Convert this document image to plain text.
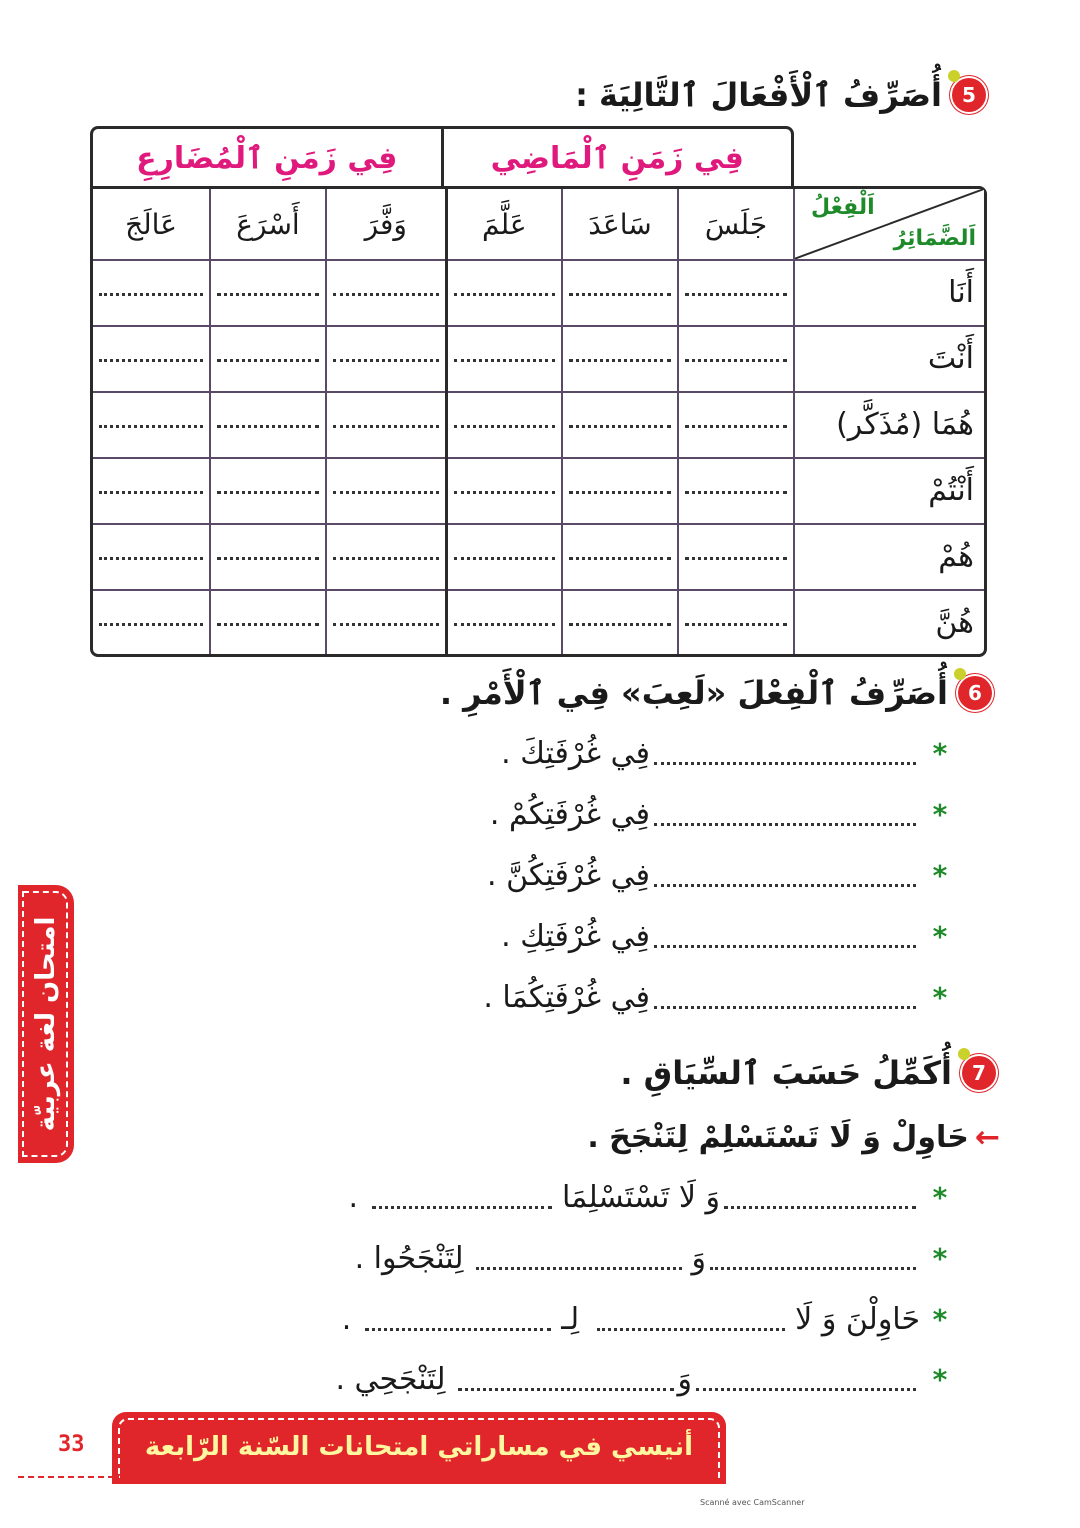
5
أُصَرِّفُ ٱلْأَفْعَالَ ٱلتَّالِيَةَ :
فِي زَمَنِ ٱلْمَاضِي
فِي زَمَنِ ٱلْمُضَارِعِ
اَلْفِعْلُ
اَلضَّمَائِرُ	جَلَسَ	سَاعَدَ	عَلَّمَ	وَفَّرَ	أَسْرَعَ	عَالَجَ
أَنَا	

أَنْتَ	

هُمَا (مُذَكَّر)	

أَنْتُمْ	

هُمْ	

هُنَّ	

6
أُصَرِّفُ ٱلْفِعْلَ «لَعِبَ» فِي ٱلْأَمْرِ .
*
فِي غُرْفَتِكَ .
*
فِي غُرْفَتِكُمْ .
*
فِي غُرْفَتِكُنَّ .
*
فِي غُرْفَتِكِ .
*
فِي غُرْفَتِكُمَا .
7
أُكَمِّلُ حَسَبَ ٱلسِّيَاقِ .
←
حَاوِلْ وَ لَا تَسْتَسْلِمْ لِتَنْجَحَ .
*
وَ لَا تَسْتَسْلِمَا
.
*
وَ
لِتَنْجَحُوا .
*
حَاوِلْنَ وَ لَا
لِـ
.
*
وَ
لِتَنْجَحِي .
امتحان لغة عربيّة
33	أنيسي في مساراتي امتحانات السّنة الرّابعة
Scanné avec CamScanner
